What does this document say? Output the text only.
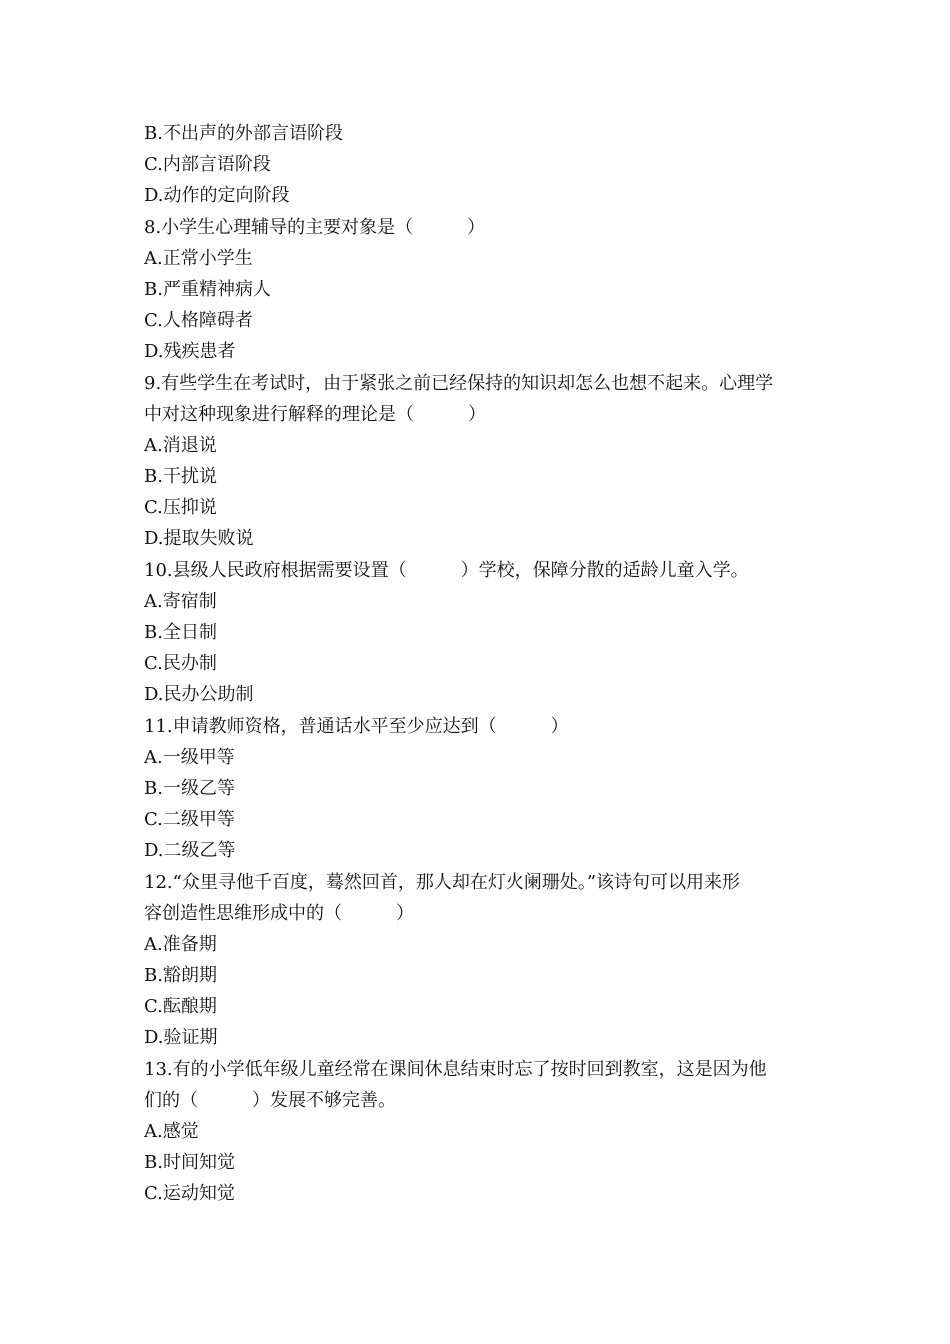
B.不出声的外部言语阶段
C.内部言语阶段
D.动作的定向阶段
8.小学生心理辅导的主要对象是（　　　）
A.正常小学生
B.严重精神病人
C.人格障碍者
D.残疾患者
9.有些学生在考试时，由于紧张之前已经保持的知识却怎么也想不起来。心理学
中对这种现象进行解释的理论是（　　　）
A.消退说
B.干扰说
C.压抑说
D.提取失败说
10.县级人民政府根据需要设置（　　　）学校，保障分散的适龄儿童入学。
A.寄宿制
B.全日制
C.民办制
D.民办公助制
11.申请教师资格，普通话水平至少应达到（　　　）
A.一级甲等
B.一级乙等
C.二级甲等
D.二级乙等
12.“众里寻他千百度，蓦然回首，那人却在灯火阑珊处。”该诗句可以用来形
容创造性思维形成中的（　　　）
A.准备期
B.豁朗期
C.酝酿期
D.验证期
13.有的小学低年级儿童经常在课间休息结束时忘了按时回到教室，这是因为他
们的（　　　）发展不够完善。
A.感觉
B.时间知觉
C.运动知觉
